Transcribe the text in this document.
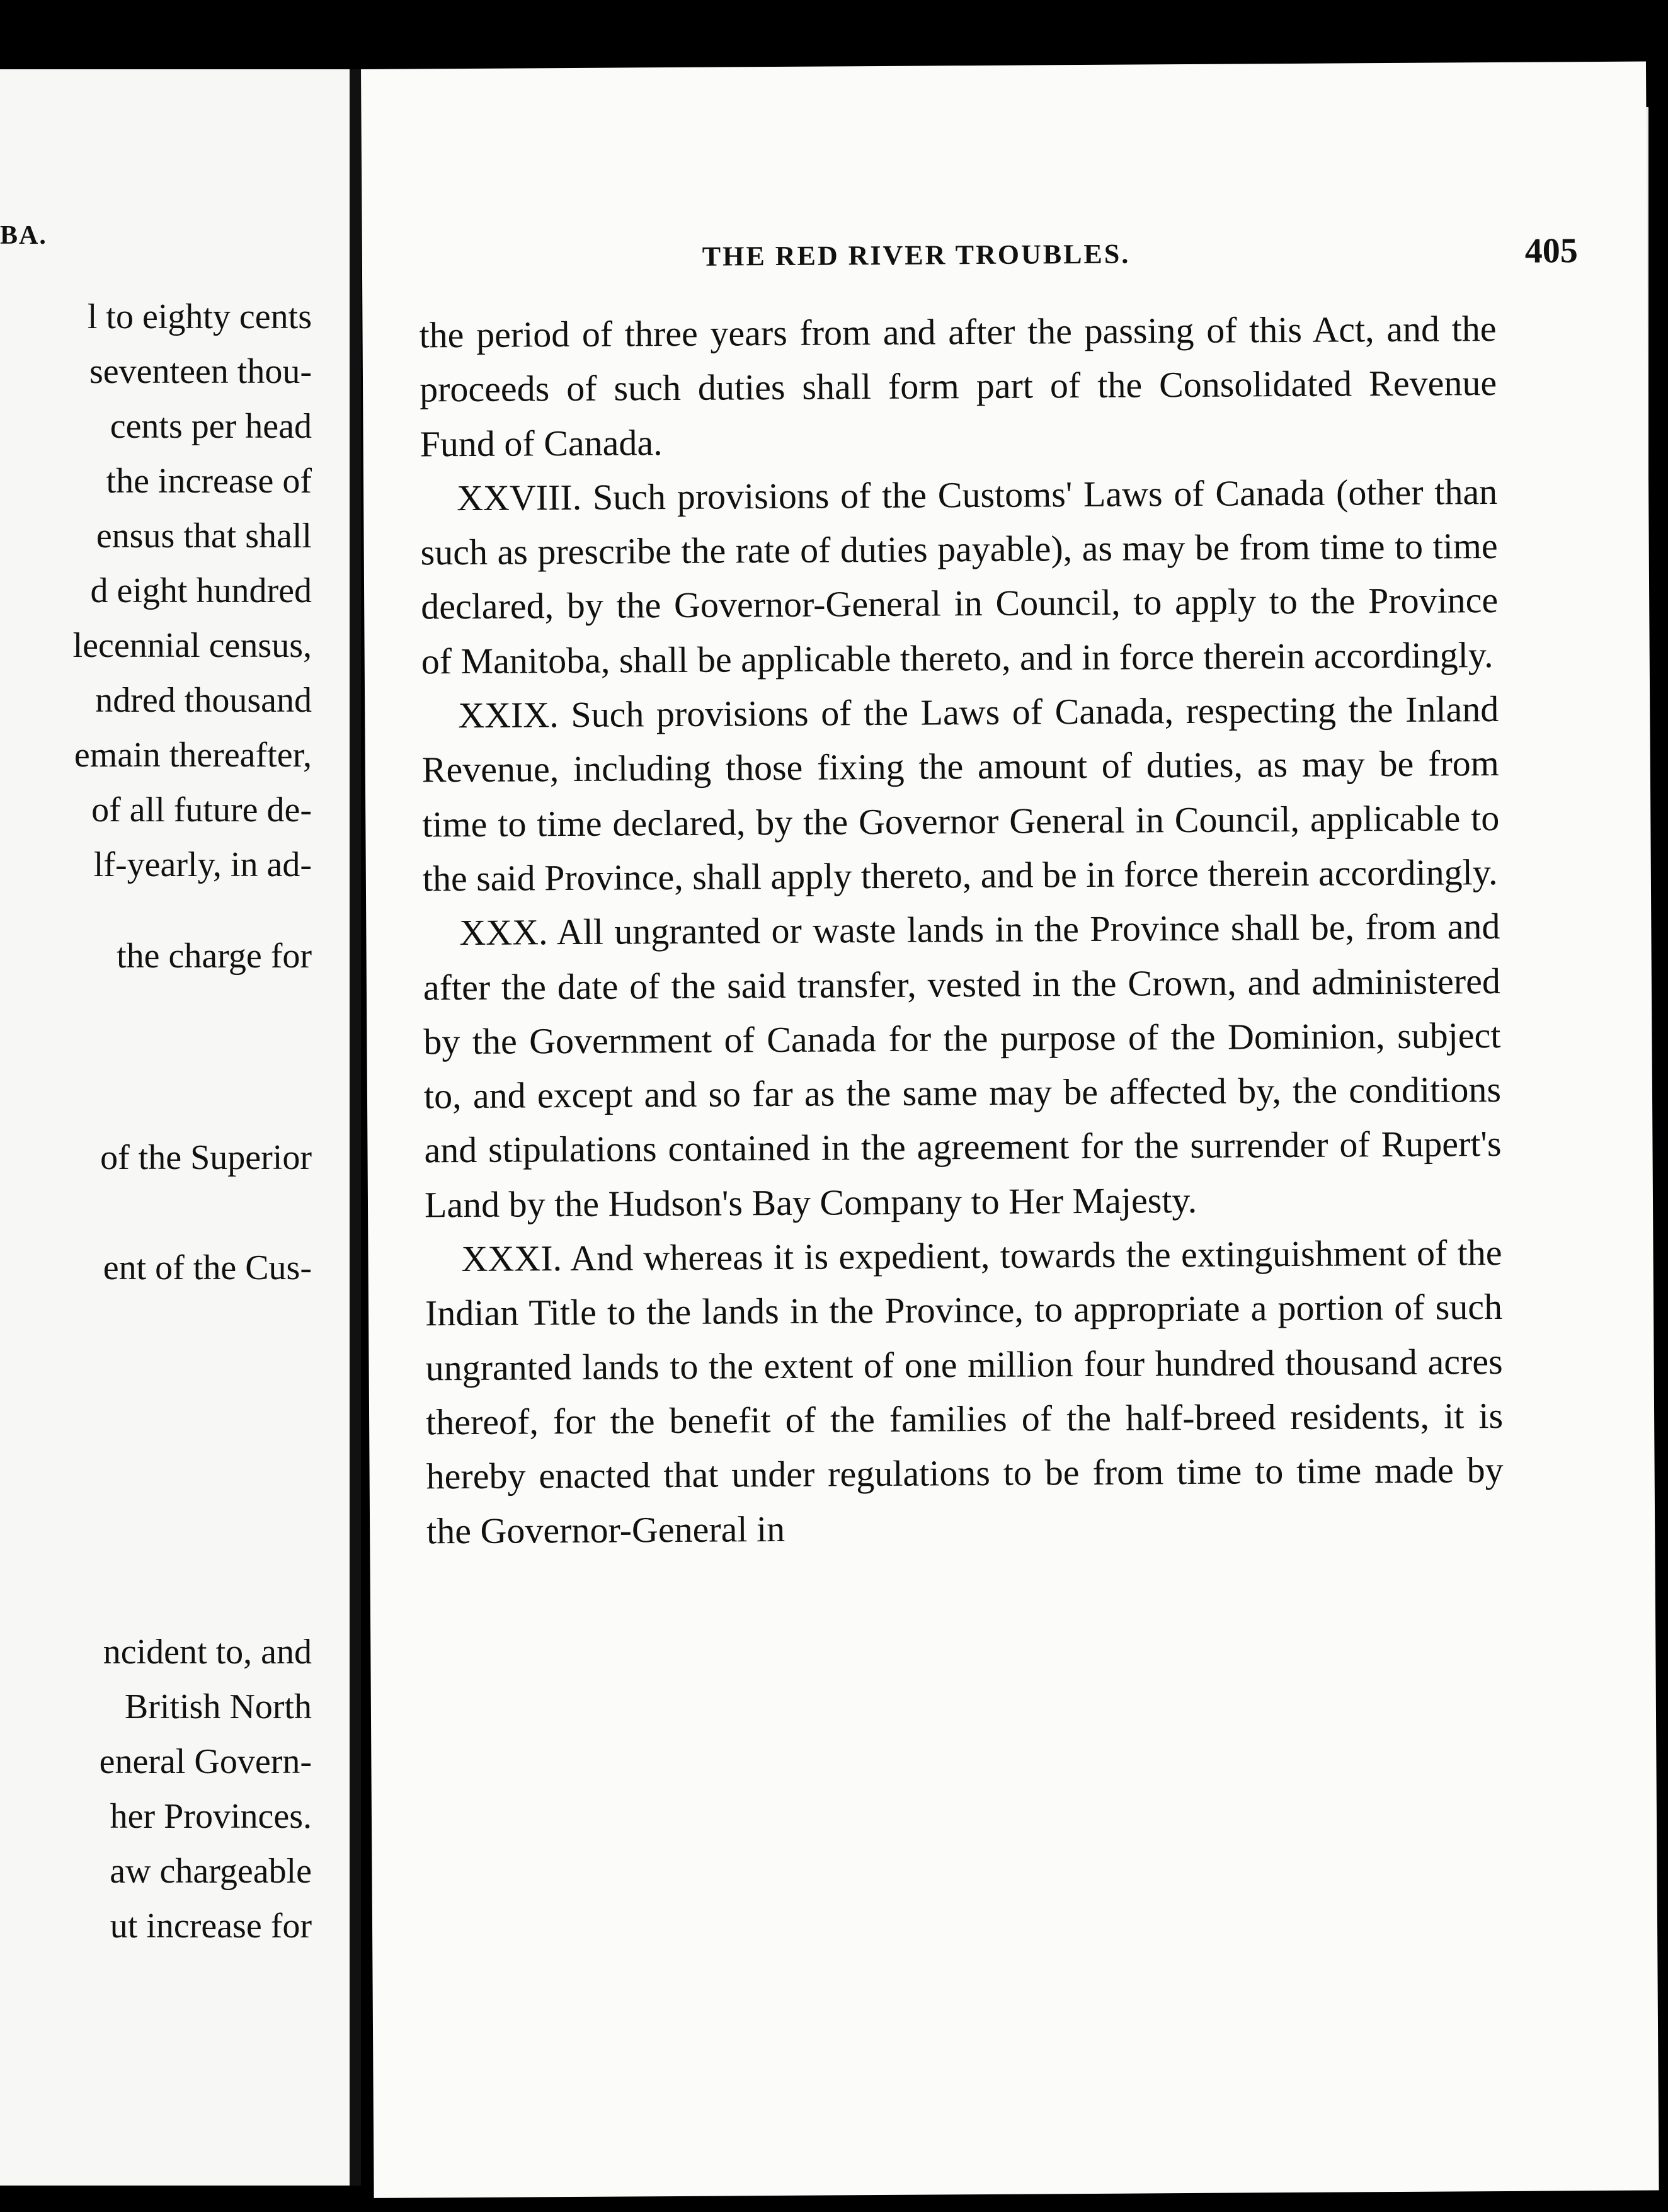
BA.
l to eighty cents
seventeen thou-
cents per head
the increase of
ensus that shall
d eight hundred
lecennial census,
ndred thousand
emain thereafter,
of all future de-
lf-yearly, in ad-
the charge for
of the Superior
ent of the Cus-
ncident to, and
British North
eneral Govern-
her Provinces.
aw chargeable
ut increase for
THE RED RIVER TROUBLES.	405

the period of three years from and after the passing of this Act, and the proceeds of such duties shall form part of the Consolidated Revenue Fund of Canada.

XXVIII. Such provisions of the Customs' Laws of Canada (other than such as prescribe the rate of duties payable), as may be from time to time declared, by the Governor-General in Council, to apply to the Province of Manitoba, shall be applicable thereto, and in force therein accordingly.

XXIX. Such provisions of the Laws of Canada, respecting the Inland Revenue, including those fixing the amount of duties, as may be from time to time declared, by the Governor General in Council, applicable to the said Province, shall apply thereto, and be in force therein accordingly.

XXX. All ungranted or waste lands in the Province shall be, from and after the date of the said transfer, vested in the Crown, and administered by the Government of Canada for the purpose of the Dominion, subject to, and except and so far as the same may be affected by, the conditions and stipulations contained in the agreement for the surrender of Rupert's Land by the Hudson's Bay Company to Her Majesty.

XXXI. And whereas it is expedient, towards the extinguishment of the Indian Title to the lands in the Province, to appropriate a portion of such ungranted lands to the extent of one million four hundred thousand acres thereof, for the benefit of the families of the half-breed residents, it is hereby enacted that under regulations to be from time to time made by the Governor-General in
